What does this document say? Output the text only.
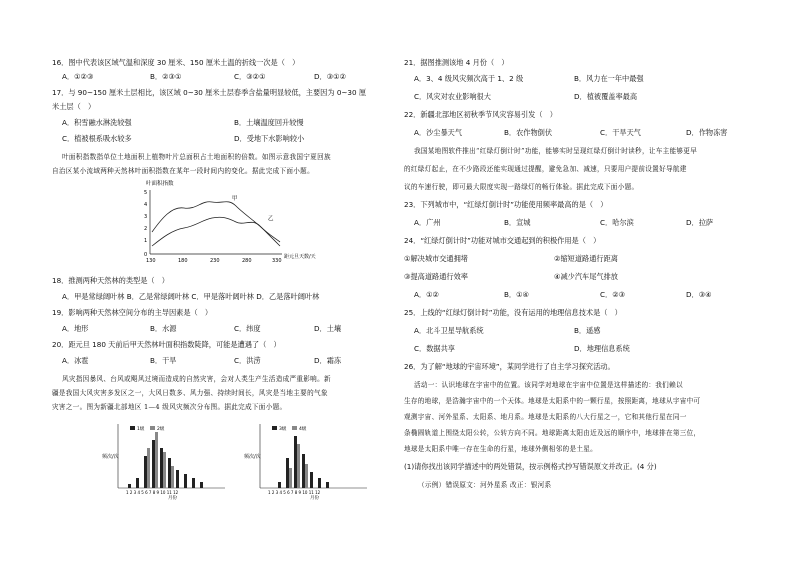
16．图中代表该区域气温和深度 30 厘米、150 厘米土温的折线一次是（　）
A．①②③	B．②③①	C．③②①	D．③①②
17．与 90~150 厘米土层相比，该区域 0~30 厘米土层春季含盐量明显较低，主要因为 0~30 厘
米土层（　）
A．积雪融水淋洗较强	B．土壤温度回升较慢
C．植被根系吸水较多	D．受地下水影响较小
叶面积指数指单位土地面积上植物叶片总面积占土地面积的倍数。如图示意我国宁夏回族
自治区某小流域两种天然林叶面积指数在某年一段时间内的变化。据此完成下面小题。
叶面积指数
5
4
3
2
1
0
130	180	230	280	330
距元旦天数/天
甲
乙
18．推测两种天然林的类型是（　）
A．甲是常绿阔叶林 B．乙是常绿阔叶林 C．甲是落叶阔叶林 D．乙是落叶阔叶林
19．影响两种天然林空间分布的主导因素是（　）
A．地形	B．水源	C．纬度	D．土壤
20．距元旦 180 天前后甲天然林叶面积指数陡降，可能是遭遇了（　）
A．冰雹	B．干旱	C．洪涝	D．霜冻
风灾指因暴风、台风或飓风过境而造成的自然灾害，会对人类生产生活造成严重影响。新
疆是我国大风灾害多发区之一，大风日数多、风力强、持续时间长，风灾是当地主要的气象
灾害之一。图为新疆北部地区 1—4 级风灾频次分布图。据此完成下面小题。
频次/次
1级	2级
1 2 3 4 5 6 7 8 9 10 11 12
月份
频次/次
3级	4级
1 2 3 4 5 6 7 8 9 10 11 12
月份
21．据图推测该地 4 月份（　）
A．3、4 级风灾频次高于 1、2 级	B．风力在一年中最强
C．风灾对农业影响很大	D．植被覆盖率最高
22．新疆北部地区初秋季节风灾容易引发（　）
A．沙尘暴天气	B．农作物倒伏	C．干旱天气	D．作物冻害
我国某地图软件推出“红绿灯倒计时”功能，能够实时呈现红绿灯倒计时读秒，让车主能够更早
的红绿灯起止，在不少路段还能实现通过提醒，避免急加、减速，只要用户提前设置好导航建
议的车速行驶，即可最大限度实现一路绿灯的畅行体验。据此完成下面小题。
23．下列城市中，“红绿灯倒计时”功能使用频率最高的是（　）
A．广州	B．宣城	C．哈尔滨	D．拉萨
24．“红绿灯倒计时”功能对城市交通起到的积极作用是（　）
①解决城市交通拥堵	②缩短道路通行距离
③提高道路通行效率	④减少汽车尾气排放
A．①②	B．①④	C．②③	D．③④
25．上线的“红绿灯倒计时”功能，没有运用的地理信息技术是（　）
A．北斗卫星导航系统	B．遥感
C．数据共享	D．地理信息系统
26．为了解“地球的宇宙环境”，某同学进行了自主学习探究活动。
活动一：认识地球在宇宙中的位置。该同学对地球在宇宙中位置是这样描述的：我们赖以
生存的地球，是浩瀚宇宙中的一个天体。地球是太阳系中的一颗行星，按照距离，地球从宇宙中可
观测宇宙、河外星系、太阳系、地月系。地球是太阳系的八大行星之一，它和其他行星在同一
条椭圆轨道上围绕太阳公转，公转方向不同。地球距离太阳由近及远的顺序中，地球排在第三位，
地球是太阳系中唯一存在生命的行星，地球外侧相邻的是土星。
(1)请你找出该同学描述中的两处错误，按示例格式抄写错误原文并改正。(4 分)
（示例）错误原文：河外星系 改正：银河系
